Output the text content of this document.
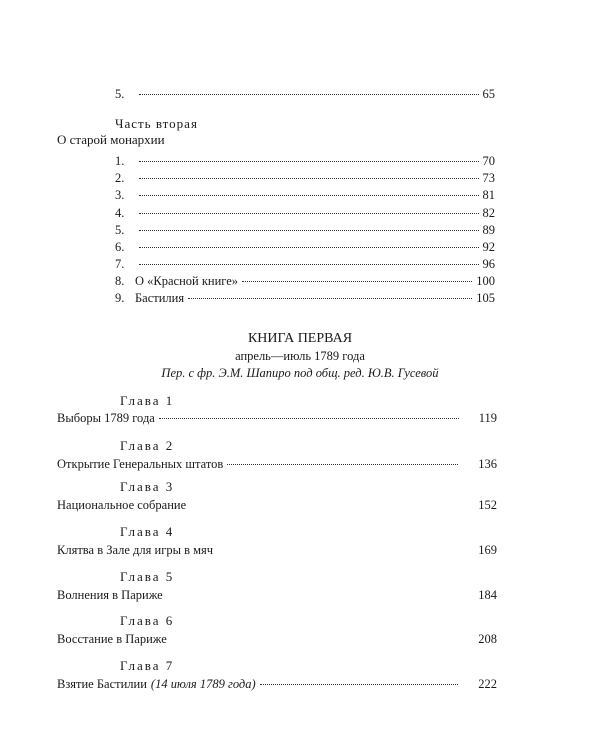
5.	65
Часть вторая
О старой монархии
1.	70
2.	73
3.	81
4.	82
5.	89
6.	92
7.	96
8. О «Красной книге»	100
9. Бастилия	105
КНИГА ПЕРВАЯ
апрель—июль 1789 года
Пер. с фр. Э.М. Шапиро под общ. ред. Ю.В. Гусевой
Глава 1
Выборы 1789 года	119
Глава 2
Открытие Генеральных штатов	136
Глава 3
Национальное собрание	152
Глава 4
Клятва в Зале для игры в мяч	169
Глава 5
Волнения в Париже	184
Глава 6
Восстание в Париже	208
Глава 7
Взятие Бастилии (14 июля 1789 года)	222
